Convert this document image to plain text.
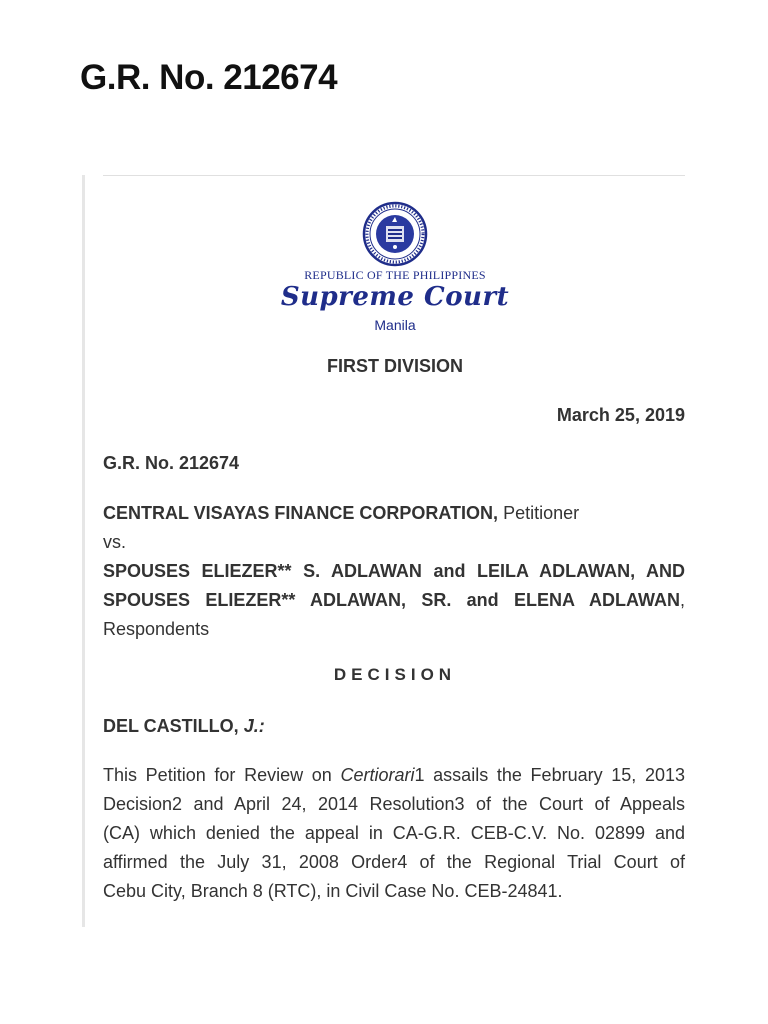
G.R. No. 212674
REPUBLIC OF THE PHILIPPINES
Supreme Court
Manila
FIRST DIVISION
March 25, 2019
G.R. No. 212674
CENTRAL VISAYAS FINANCE CORPORATION, Petitioner
vs.
SPOUSES ELIEZER** S. ADLAWAN and LEILA ADLAWAN, AND
SPOUSES ELIEZER** ADLAWAN, SR. and ELENA ADLAWAN,
Respondents
DECISION
DEL CASTILLO, J.:
This Petition for Review on Certiorari1 assails the February 15, 2013
Decision2 and April 24, 2014 Resolution3 of the Court of Appeals
(CA) which denied the appeal in CA-G.R. CEB-C.V. No. 02899 and
affirmed the July 31, 2008 Order4 of the Regional Trial Court of
Cebu City, Branch 8 (RTC), in Civil Case No. CEB-24841.
